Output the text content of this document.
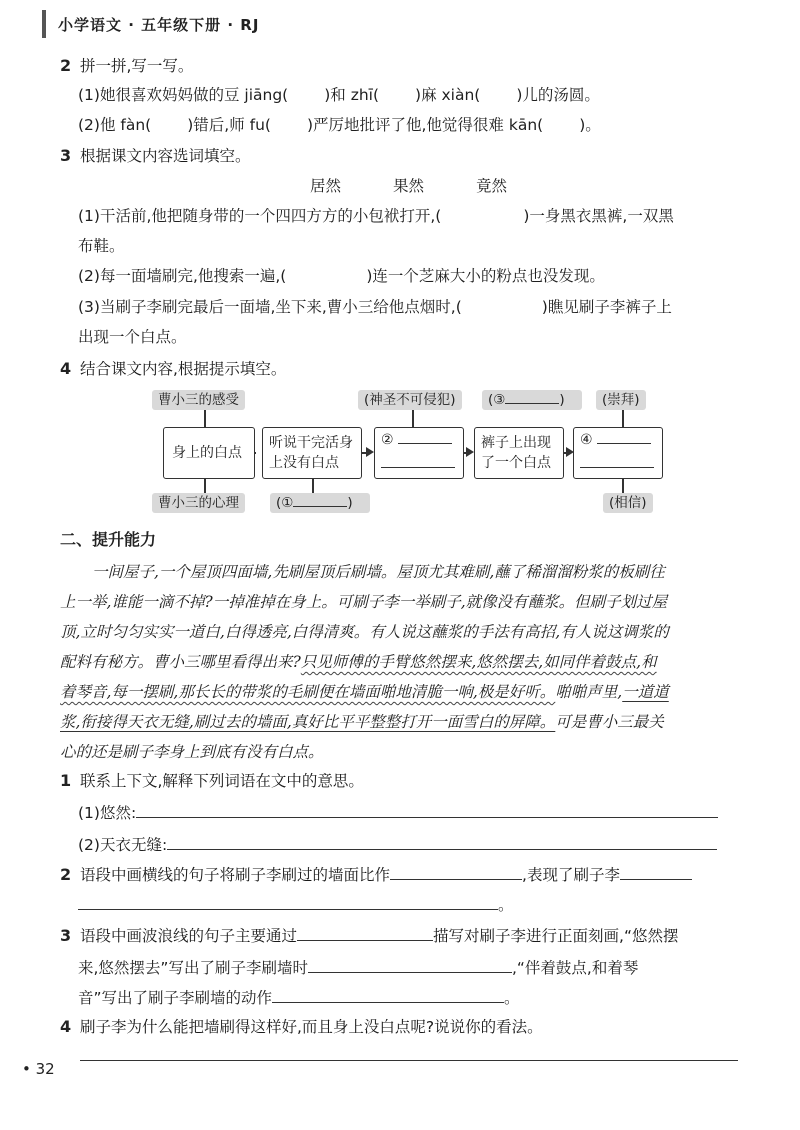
小学语文 · 五年级下册 · RJ
2 拼一拼,写一写。
(1)她很喜欢妈妈做的豆 jiāng( )和 zhī( )麻 xiàn( )儿的汤圆。
(2)他 fàn( )错后,师 fu( )严厉地批评了他,他觉得很难 kān( )。
3 根据课文内容选词填空。
居然	果然	竟然
(1)干活前,他把随身带的一个四四方方的小包袱打开,(	)一身黑衣黑裤,一双黑
布鞋。
(2)每一面墙刷完,他搜索一遍,(	)连一个芝麻大小的粉点也没发现。
(3)当刷子李刷完最后一面墙,坐下来,曹小三给他点烟时,(	)瞧见刷子李裤子上
出现一个白点。
4 结合课文内容,根据提示填空。
曹小三的感受
身上的白点
听说干完活身上没有白点
②	裤子上出现了一个白点
④
(神圣不可侵犯)	(③	)	(崇拜)
曹小三的心理	(①	)	(相信)
二、提升能力
一间屋子,一个屋顶四面墙,先刷屋顶后刷墙。屋顶尤其难刷,蘸了稀溜溜粉浆的板刷往
上一举,谁能一滴不掉?一掉准掉在身上。可刷子李一举刷子,就像没有蘸浆。但刷子划过屋
顶,立时匀匀实实一道白,白得透亮,白得清爽。有人说这蘸浆的手法有高招,有人说这调浆的
配料有秘方。曹小三哪里看得出来?只见师傅的手臂悠然摆来,悠然摆去,如同伴着鼓点,和
着琴音,每一摆刷,那长长的带浆的毛刷便在墙面啪地清脆一响,极是好听。啪啪声里,一道道
浆,衔接得天衣无缝,刷过去的墙面,真好比平平整整打开一面雪白的屏障。可是曹小三最关
心的还是刷子李身上到底有没有白点。
1 联系上下文,解释下列词语在文中的意思。
(1)悠然:
(2)天衣无缝:
2 语段中画横线的句子将刷子李刷过的墙面比作	,表现了刷子李
。
3 语段中画波浪线的句子主要通过	描写对刷子李进行正面刻画,“悠然摆
来,悠然摆去”写出了刷子李刷墙时	,“伴着鼓点,和着琴
音”写出了刷子李刷墙的动作	。
4 刷子李为什么能把墙刷得这样好,而且身上没白点呢?说说你的看法。
• 32
